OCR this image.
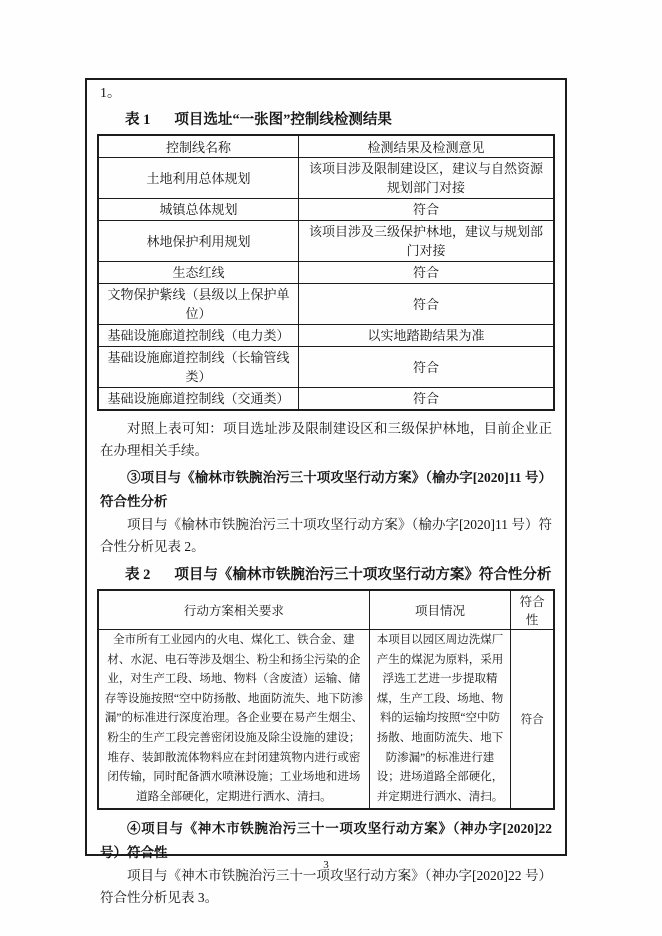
1。
表 1 项目选址“一张图”控制线检测结果
控制线名称	检测结果及检测意见
土地利用总体规划	该项目涉及限制建设区，建议与自然资源规划部门对接
城镇总体规划	符合
林地保护利用规划	该项目涉及三级保护林地，建议与规划部门对接
生态红线	符合
文物保护紫线（县级以上保护单位）	符合
基础设施廊道控制线（电力类）	以实地踏勘结果为准
基础设施廊道控制线（长输管线类）	符合
基础设施廊道控制线（交通类）	符合

对照上表可知：项目选址涉及限制建设区和三级保护林地，目前企业正在办理相关手续。

③项目与《榆林市铁腕治污三十项攻坚行动方案》（榆办字[2020]11 号）符合性分析

项目与《榆林市铁腕治污三十项攻坚行动方案》（榆办字[2020]11 号）符合性分析见表 2。

表 2 项目与《榆林市铁腕治污三十项攻坚行动方案》符合性分析
行动方案相关要求	项目情况	符合性
全市所有工业园内的火电、煤化工、铁合金、建材、水泥、电石等涉及烟尘、粉尘和扬尘污染的企业，对生产工段、场地、物料（含废渣）运输、储存等设施按照“空中防扬散、地面防流失、地下防渗漏”的标准进行深度治理。各企业要在易产生烟尘、粉尘的生产工段完善密闭设施及除尘设施的建设；堆存、装卸散流体物料应在封闭建筑物内进行或密闭传输，同时配备洒水喷淋设施；工业场地和进场道路全部硬化，定期进行洒水、清扫。	本项目以园区周边洗煤厂产生的煤泥为原料，采用浮选工艺进一步提取精煤，生产工段、场地、物料的运输均按照“空中防扬散、地面防流失、地下防渗漏”的标准进行建设；进场道路全部硬化，并定期进行洒水、清扫。	符合

④项目与《神木市铁腕治污三十一项攻坚行动方案》（神办字[2020]22 号）符合性

项目与《神木市铁腕治污三十一项攻坚行动方案》（神办字[2020]22 号）符合性分析见表 3。

3
